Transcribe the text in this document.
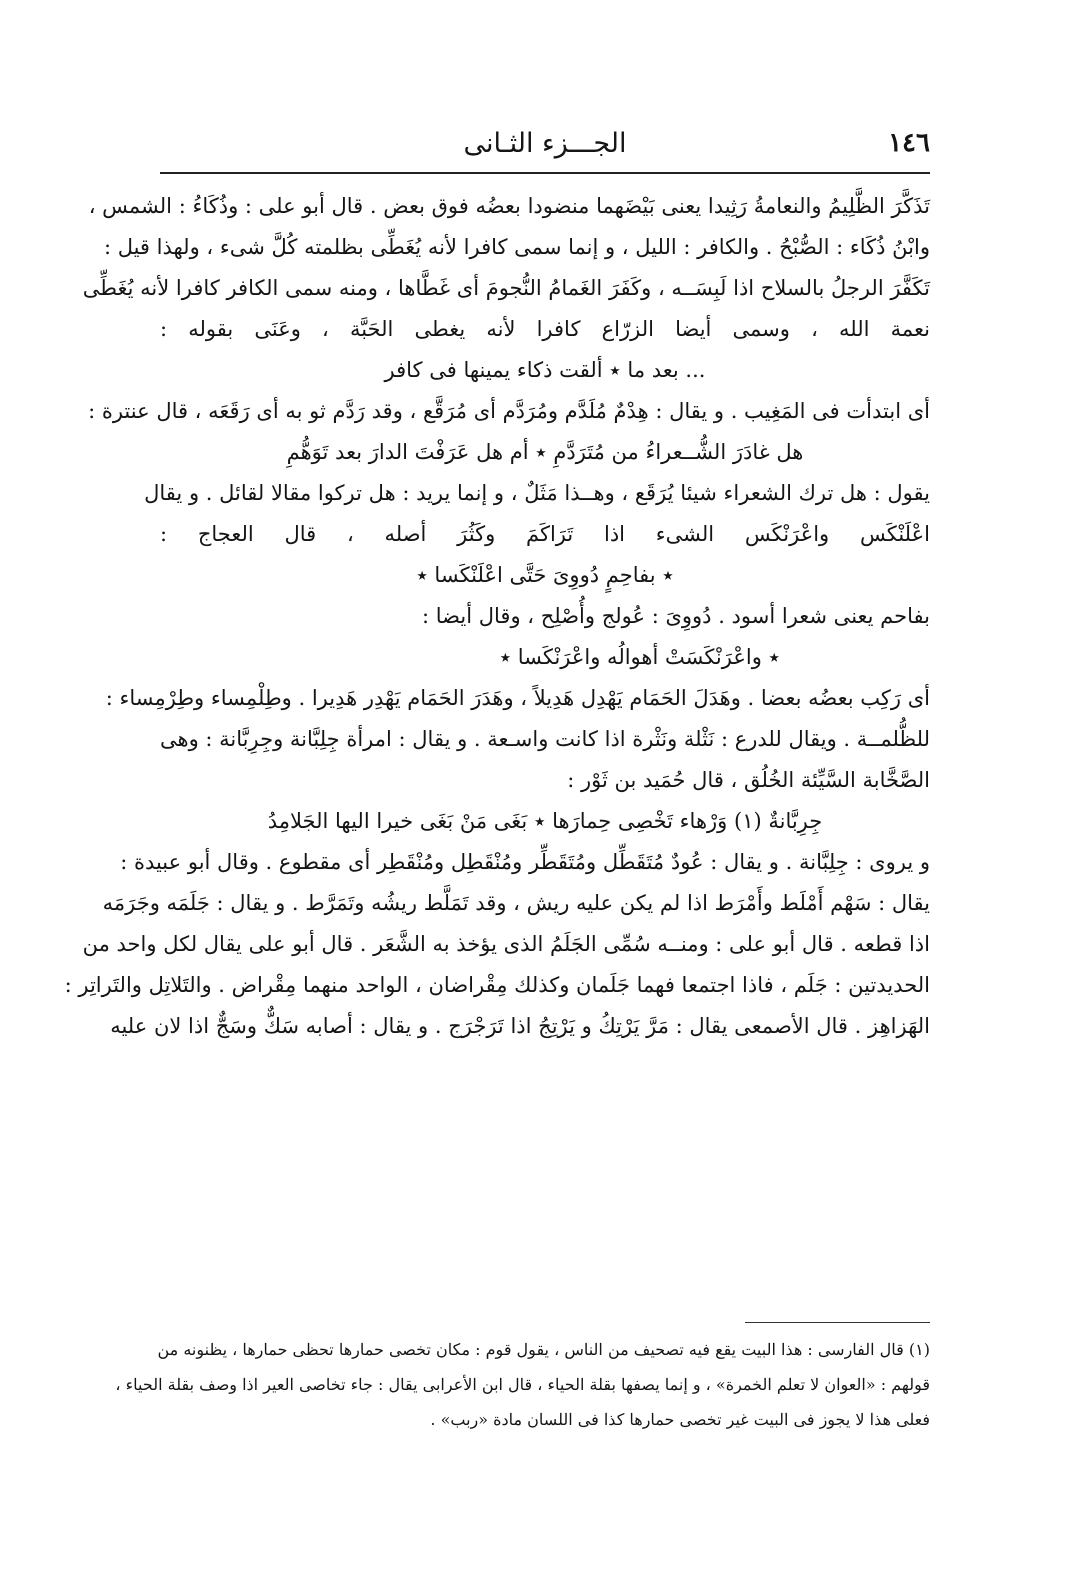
١٤٦
الجـــزء الثـانى
تَذَكَّرَ الظَّلِيمُ والنعامةُ رَثِيدا يعنى بَيْضَهما منضودا بعضُه فوق بعض . قال أبو على : وذُكَاءُ : الشمس ،
وابْنُ ذُكَاء : الصُّبْحُ . والكافر : الليل ، و إنما سمى كافرا لأنه يُغَطِّى بظلمته كُلَّ شىء ، ولهذا قيل :
تَكَفَّرَ الرجلُ بالسلاح اذا لَبِسَــه ، وكَفَرَ الغَمامُ النُّجومَ أى غَطَّاها ، ومنه سمى الكافر كافرا لأنه يُغَطِّى
نعمة الله ، وسمى أيضا الزرّاع كافرا لأنه يغطى الحَبَّة ، وعَنَى بقوله :
... بعد ما ٭ ألقت ذكاء يمينها فى كافر
أى ابتدأت فى المَغِيب . و يقال : هِدْمٌ مُلَدَّم ومُرَدَّم أى مُرَقَّع ، وقد رَدَّم ثو به أى رَقَعَه ، قال عنترة :
هل غادَرَ الشُّــعراءُ من مُتَرَدَّمِ ٭ أم هل عَرَفْتَ الدارَ بعد تَوَهُّمِ
يقول : هل ترك الشعراء شيئا يُرَقَع ، وهــذا مَثَلٌ ، و إنما يريد : هل تركوا مقالا لقائل . و يقال
اعْلَنْكَس واعْرَنْكَس الشىء اذا تَرَاكَمَ وكَثُرَ أصله ، قال العجاج :
٭ بفاحِمٍ دُووِىَ حَتَّى اعْلَنْكَسا ٭
بفاحم يعنى شعرا أسود . دُووِىَ : عُولج وأُصْلِح ، وقال أيضا :
٭ واعْرَنْكَسَتْ أهوالُه واعْرَنْكَسا ٭
أى رَكِب بعضُه بعضا . وهَدَلَ الحَمَام يَهْدِل هَدِيلاً ، وهَدَرَ الحَمَام يَهْدِر هَدِيرا . وطِلْمِساء وطِرْمِساء :
للظُّلمــة . ويقال للدرع : نَثْلة ونَثْرة اذا كانت واسـعة . و يقال : امرأة جِلِبَّانة وجِرِبَّانة : وهى
الصَّخَّابة السَّيِّئة الخُلُق ، قال حُمَيد بن ثَوْر :
جِرِبَّانةٌ (١) وَرْهاء تَخْصِى حِمارَها ٭ بَغَى مَنْ بَغَى خيرا اليها الجَلامِدُ
و يروى : جِلِبَّانة . و يقال : عُودٌ مُتَقَطِّل ومُتَقَطِّر ومُنْقَطِل ومُنْقَطِر أى مقطوع . وقال أبو عبيدة :
يقال : سَهْم أَمْلَط وأَمْرَط اذا لم يكن عليه ريش ، وقد تَمَلَّط ريشُه وتَمَرَّط . و يقال : جَلَمَه وجَرَمَه
اذا قطعه . قال أبو على : ومنــه سُمِّى الجَلَمُ الذى يؤخذ به الشَّعَر . قال أبو على يقال لكل واحد من
الحديدتين : جَلَم ، فاذا اجتمعا فهما جَلَمان وكذلك مِقْراضان ، الواحد منهما مِقْراض . والتَلاتِل والتَراتِر :
الهَزاهِز . قال الأصمعى يقال : مَرَّ يَرْتِكُ و يَرْتِجُ اذا تَرَجْرَج . و يقال : أصابه سَكٌّ وسَجٌّ اذا لان عليه
(١) قال الفارسى : هذا البيت يقع فيه تصحيف من الناس ، يقول قوم : مكان تخصى حمارها تحظى حمارها ، يظنونه من
قولهم : «العوان لا تعلم الخمرة» ، و إنما يصفها بقلة الحياء ، قال ابن الأعرابى يقال : جاء تخاصى العير اذا وصف بقلة الحياء ،
فعلى هذا لا يجوز فى البيت غير تخصى حمارها كذا فى اللسان مادة «ربب» .
